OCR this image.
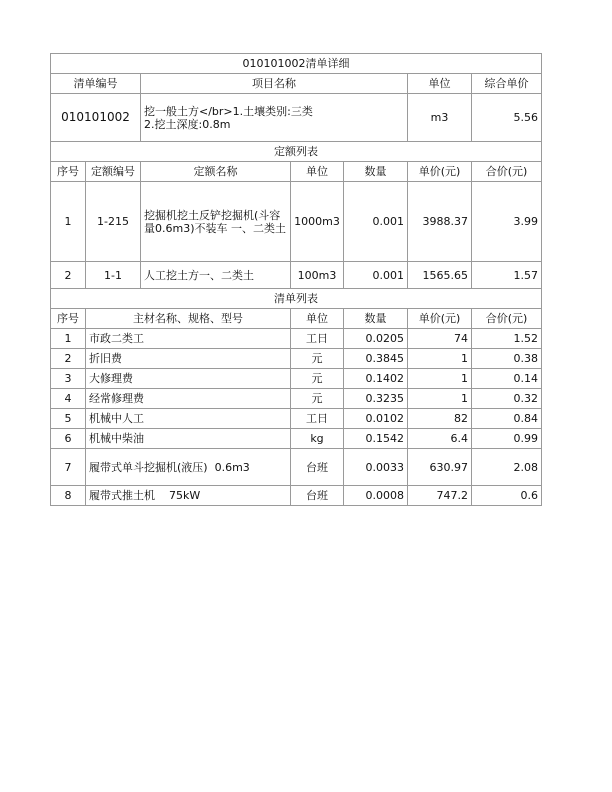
010101002清单详细						
清单编号		项目名称			单位	综合单价
010101002		挖一般土方</br>1.土壤类别:三类
2.挖土深度:0.8m			m3	5.56
定额列表						
序号	定额编号	定额名称	单位	数量	单价(元)	合价(元)
1	1-215	挖掘机挖土反铲挖掘机(斗容量0.6m3)不装车 一、二类土	1000m3	0.001	3988.37	3.99
2	1-1	人工挖土方一、二类土	100m3	0.001	1565.65	1.57
清单列表						
序号	主材名称、规格、型号		单位	数量	单价(元)	合价(元)
1	市政二类工		工日	0.0205	74	1.52
2	折旧费		元	0.3845	1	0.38
3	大修理费		元	0.1402	1	0.14
4	经常修理费		元	0.3235	1	0.32
5	机械中人工		工日	0.0102	82	0.84
6	机械中柴油		kg	0.1542	6.4	0.99
7	履带式单斗挖掘机(液压)  0.6m3		台班	0.0033	630.97	2.08
8	履带式推土机    75kW		台班	0.0008	747.2	0.6
